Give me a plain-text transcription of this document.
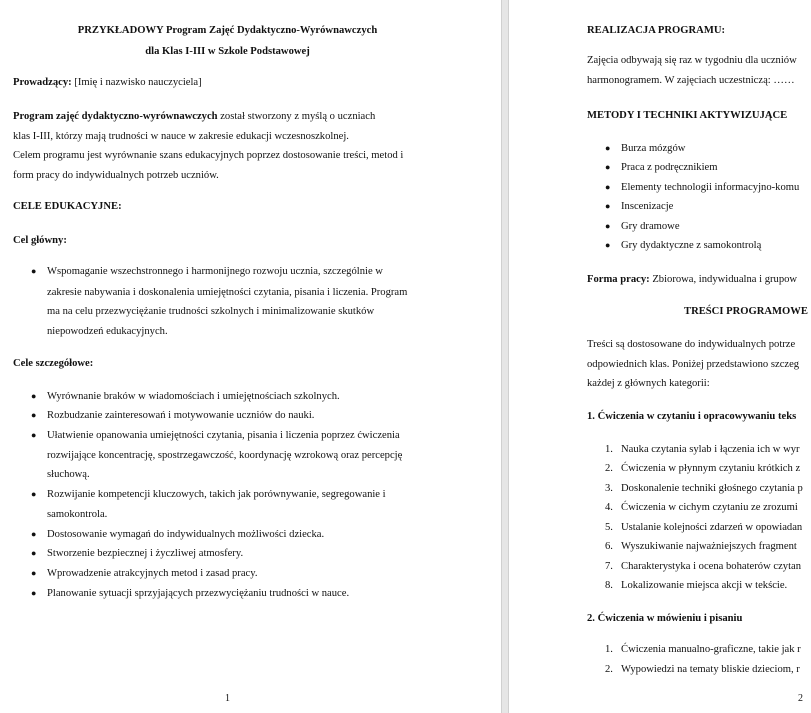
PRZYKŁADOWY Program Zajęć Dydaktyczno-Wyrównawczych
dla Klas I-III w Szkole Podstawowej
Prowadzący: [Imię i nazwisko nauczyciela]
Program zajęć dydaktyczno-wyrównawczych został stworzony z myślą o uczniach
klas I-III, którzy mają trudności w nauce w zakresie edukacji wczesnoszkolnej.
Celem programu jest wyrównanie szans edukacyjnych poprzez dostosowanie treści, metod i
form pracy do indywidualnych potrzeb uczniów.
CELE EDUKACYJNE:
Cel główny:
● Wspomaganie wszechstronnego i harmonijnego rozwoju ucznia, szczególnie w
zakresie nabywania i doskonalenia umiejętności czytania, pisania i liczenia. Program
ma na celu przezwyciężanie trudności szkolnych i minimalizowanie skutków
niepowodzeń edukacyjnych.
Cele szczegółowe:
● Wyrównanie braków w wiadomościach i umiejętnościach szkolnych.
● Rozbudzanie zainteresowań i motywowanie uczniów do nauki.
● Ułatwienie opanowania umiejętności czytania, pisania i liczenia poprzez ćwiczenia
rozwijające koncentrację, spostrzegawczość, koordynację wzrokową oraz percepcję
słuchową.
● Rozwijanie kompetencji kluczowych, takich jak porównywanie, segregowanie i
samokontrola.
● Dostosowanie wymagań do indywidualnych możliwości dziecka.
● Stworzenie bezpiecznej i życzliwej atmosfery.
● Wprowadzenie atrakcyjnych metod i zasad pracy.
● Planowanie sytuacji sprzyjających przezwyciężaniu trudności w nauce.
1
REALIZACJA PROGRAMU:
Zajęcia odbywają się raz w tygodniu dla uczniów
harmonogramem. W zajęciach uczestniczą: ……
METODY I TECHNIKI AKTYWIZUJĄCE
● Burza mózgów
● Praca z podręcznikiem
● Elementy technologii informacyjno-komu
● Inscenizacje
● Gry dramowe
● Gry dydaktyczne z samokontrolą
Forma pracy: Zbiorowa, indywidualna i grupow
TREŚCI PROGRAMOWE
Treści są dostosowane do indywidualnych potrze
odpowiednich klas. Poniżej przedstawiono szczeg
każdej z głównych kategorii:
1. Ćwiczenia w czytaniu i opracowywaniu teks
1. Nauka czytania sylab i łączenia ich w wyr
2. Ćwiczenia w płynnym czytaniu krótkich z
3. Doskonalenie techniki głośnego czytania p
4. Ćwiczenia w cichym czytaniu ze zrozumi
5. Ustalanie kolejności zdarzeń w opowiadan
6. Wyszukiwanie najważniejszych fragment
7. Charakterystyka i ocena bohaterów czytan
8. Lokalizowanie miejsca akcji w tekście.
2. Ćwiczenia w mówieniu i pisaniu
1. Ćwiczenia manualno-graficzne, takie jak r
2. Wypowiedzi na tematy bliskie dzieciom, r
2
